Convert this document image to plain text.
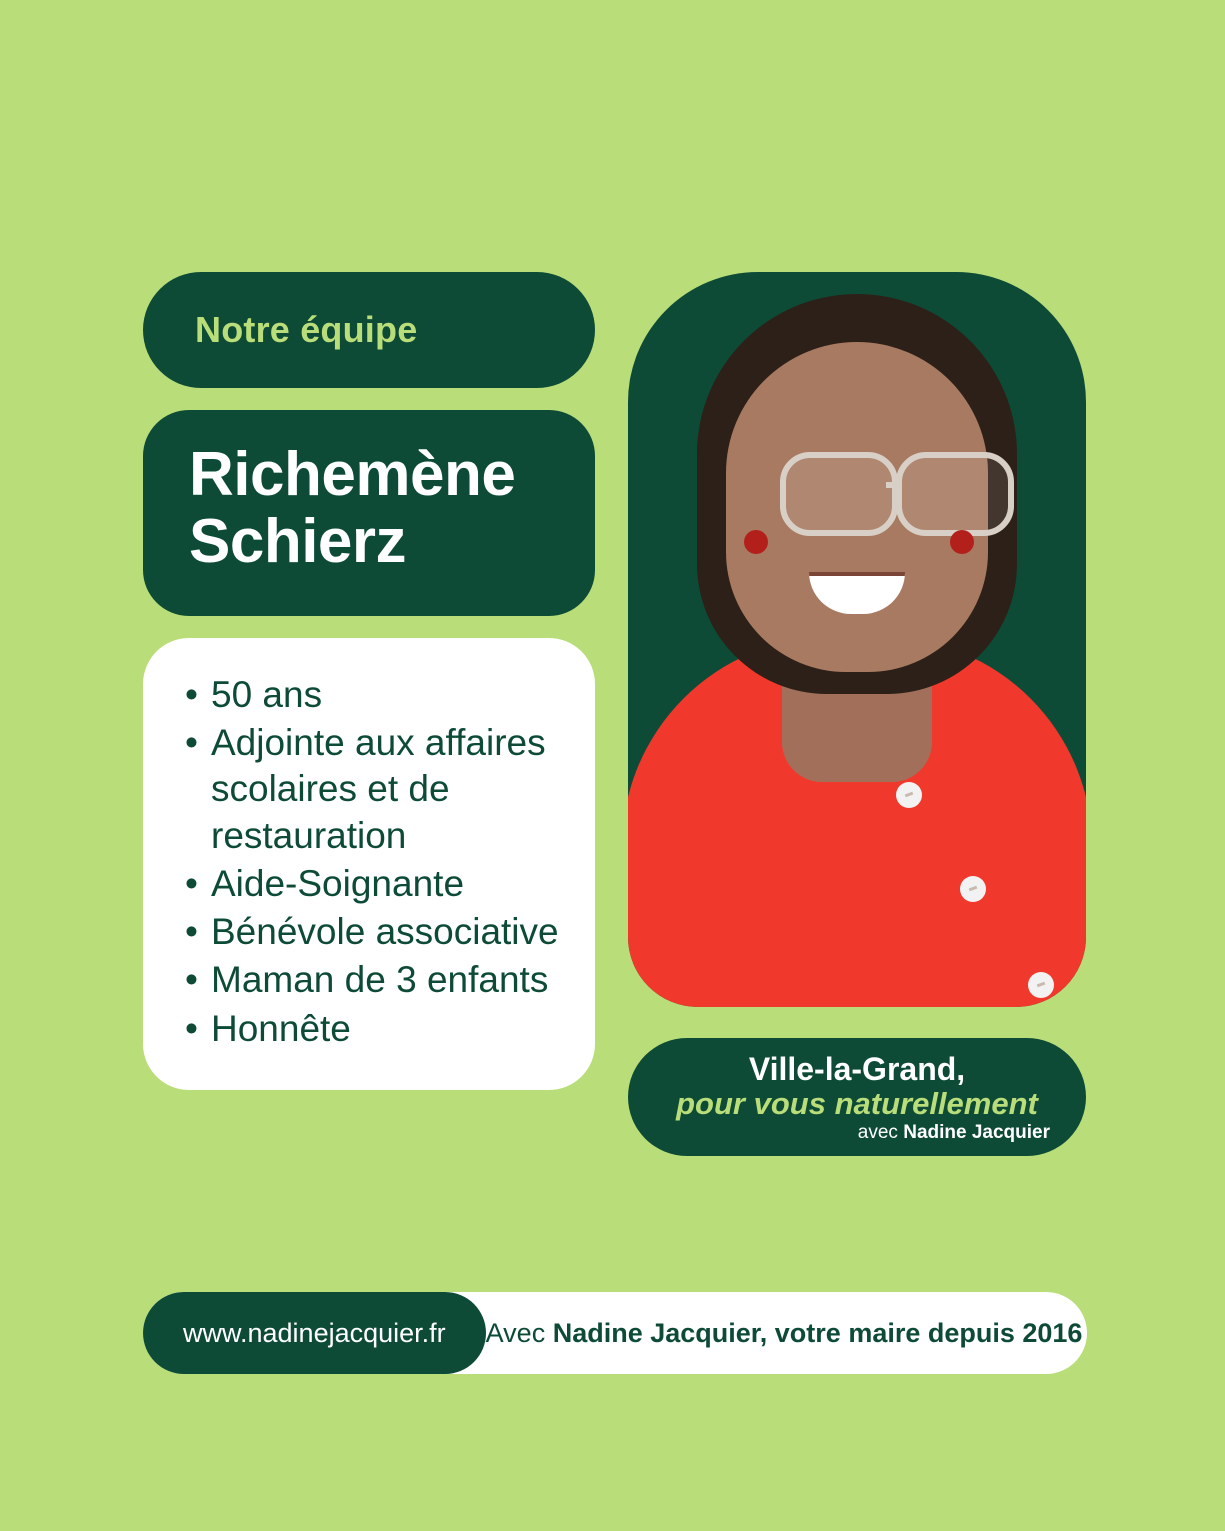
Notre équipe
Richemène
Schierz
• 50 ans
• Adjointe aux affaires scolaires et de restauration
• Aide-Soignante
• Bénévole associative
• Maman de 3 enfants
• Honnête
Ville-la-Grand,
pour vous naturellement
avec Nadine Jacquier
www.nadinejacquier.fr	Avec Nadine Jacquier, votre maire depuis 2016
